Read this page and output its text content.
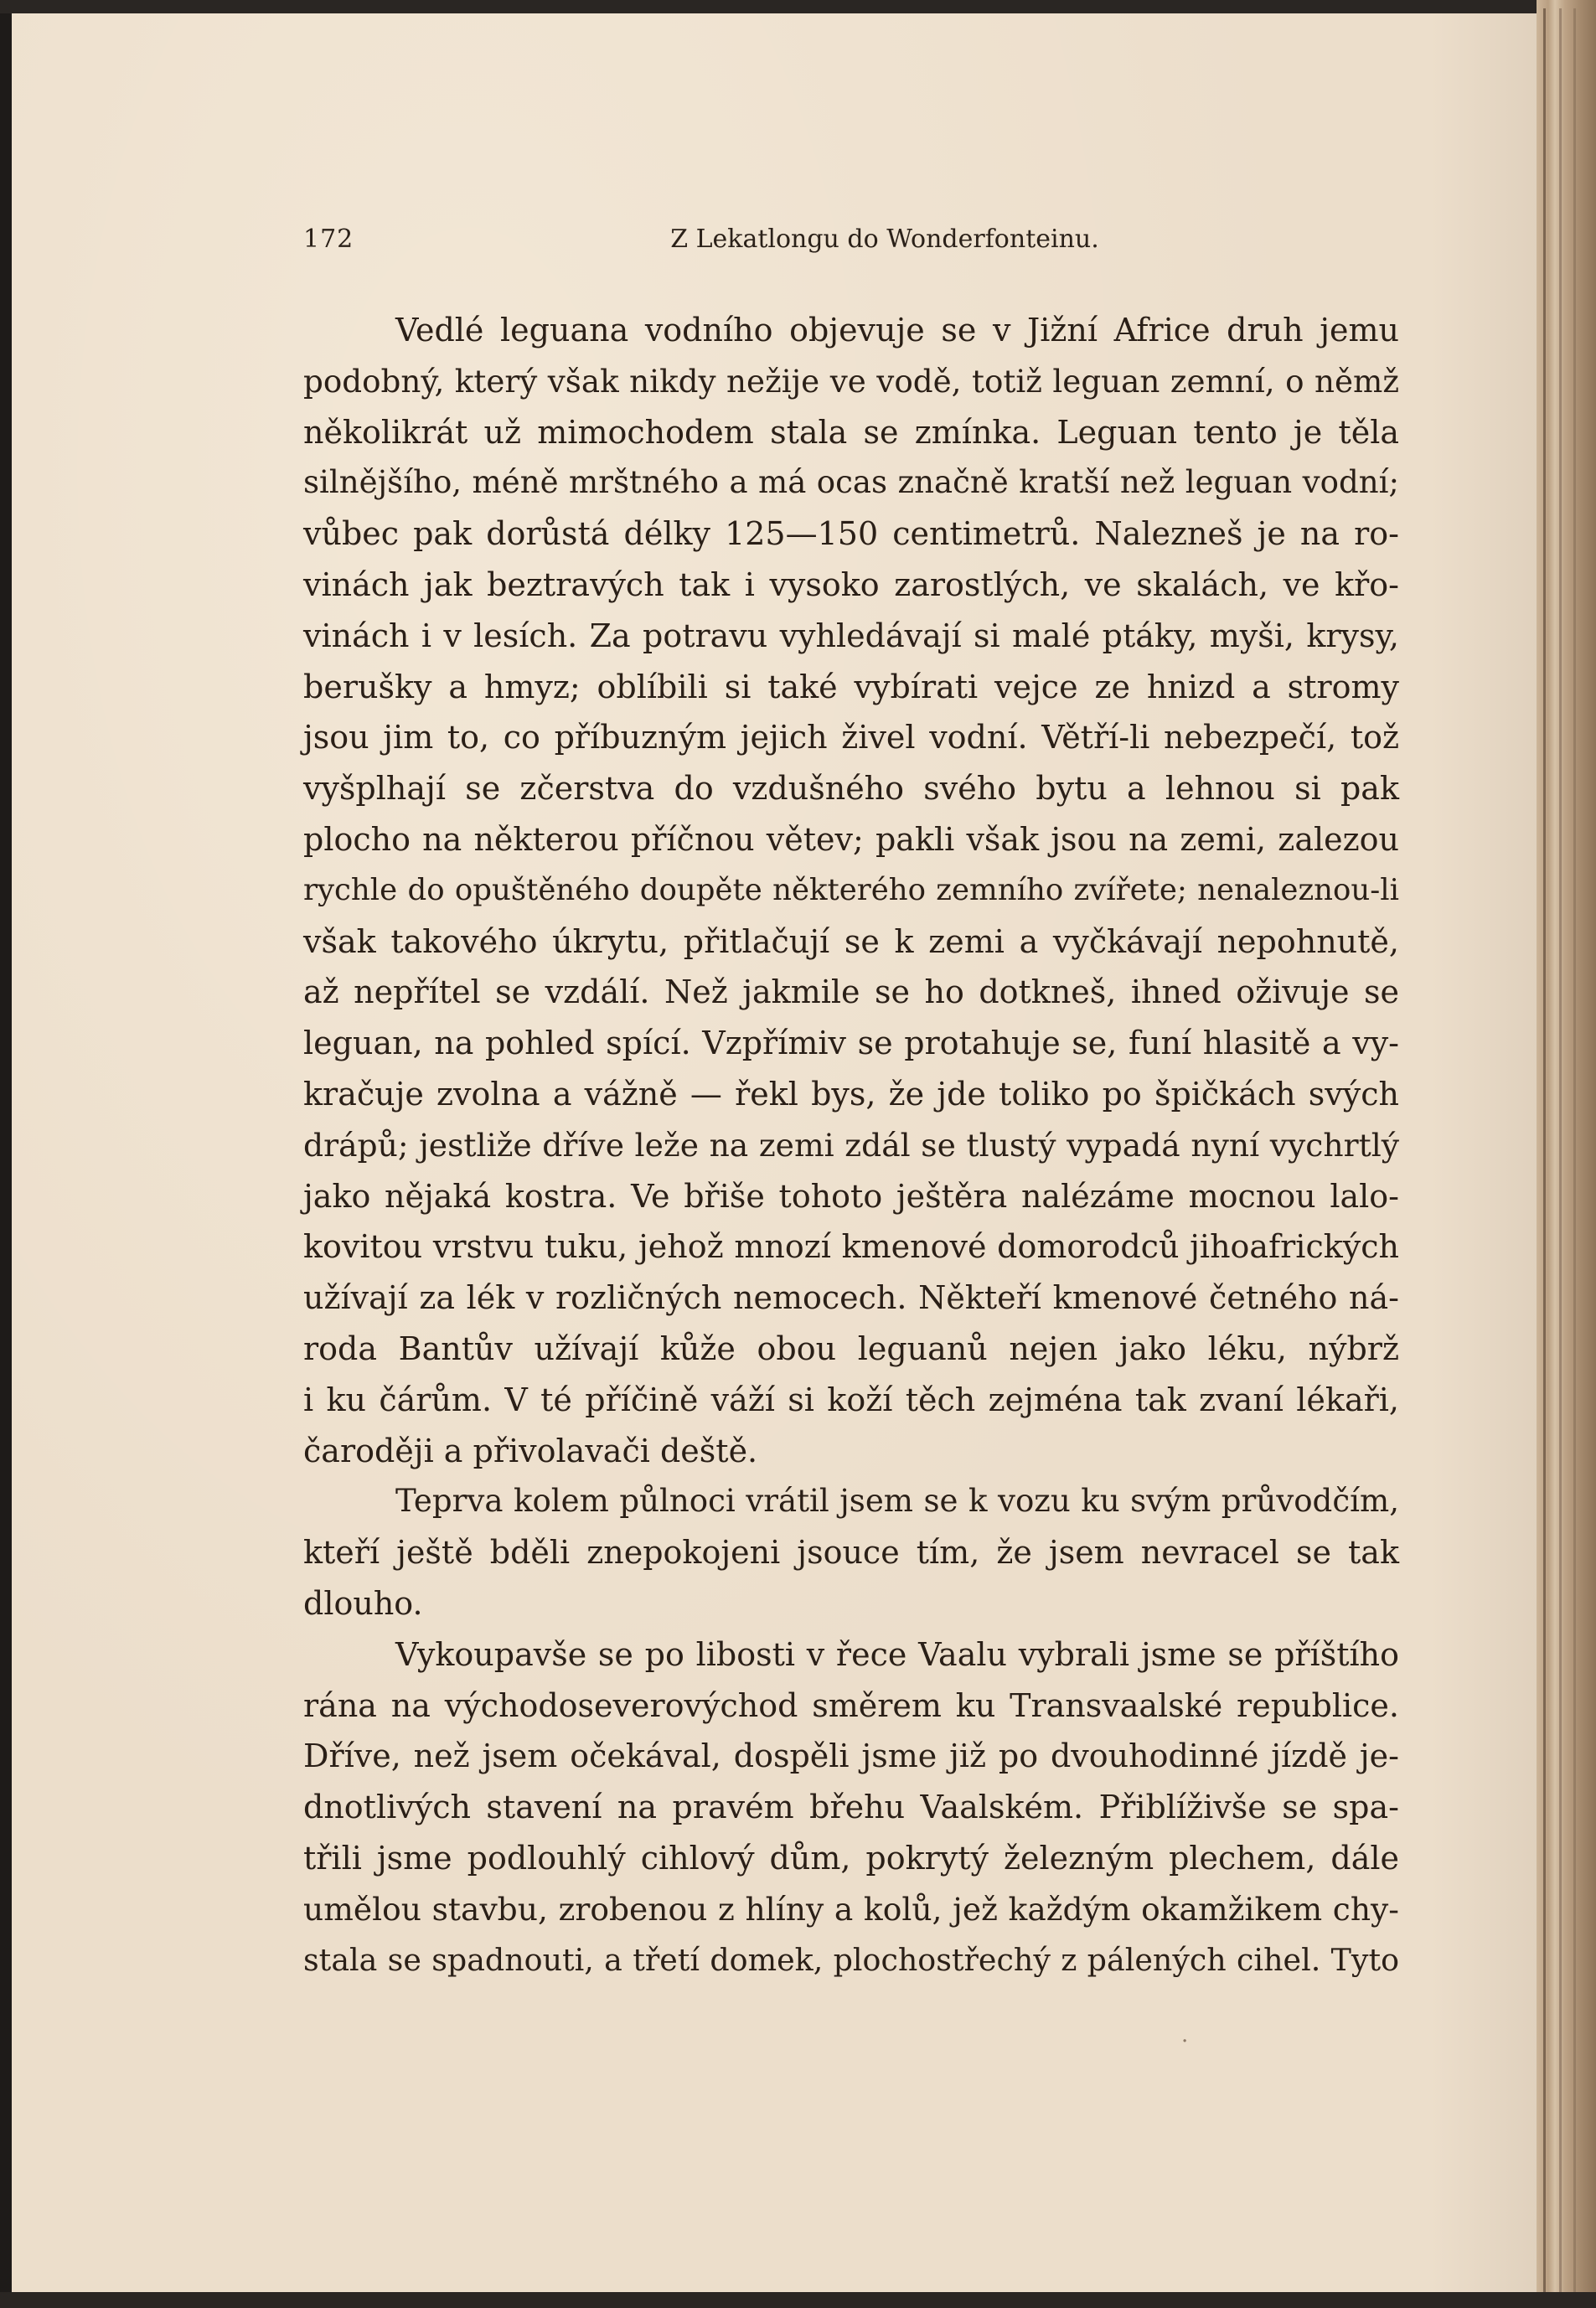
172	Z Lekatlongu do Wonderfonteinu.
Vedlé leguana vodního objevuje se v Jižní Africe druh jemu
podobný, který však nikdy nežije ve vodě, totiž leguan zemní, o němž
několikrát už mimochodem stala se zmínka. Leguan tento je těla
silnějšího, méně mrštného a má ocas značně kratší než leguan vodní;
vůbec pak dorůstá délky 125—150 centimetrů. Nalezneš je na ro-
vinách jak beztravých tak i vysoko zarostlých, ve skalách, ve křo-
vinách i v lesích. Za potravu vyhledávají si malé ptáky, myši, krysy,
berušky a hmyz; oblíbili si také vybírati vejce ze hnizd a stromy
jsou jim to, co příbuzným jejich živel vodní. Větří-li nebezpečí, tož
vyšplhají se zčerstva do vzdušného svého bytu a lehnou si pak
plocho na některou příčnou větev; pakli však jsou na zemi, zalezou
rychle do opuštěného doupěte některého zemního zvířete; nenaleznou-li
však takového úkrytu, přitlačují se k zemi a vyčkávají nepohnutě,
až nepřítel se vzdálí. Než jakmile se ho dotkneš, ihned oživuje se
leguan, na pohled spící. Vzpřímiv se protahuje se, funí hlasitě a vy-
kračuje zvolna a vážně — řekl bys, že jde toliko po špičkách svých
drápů; jestliže dříve leže na zemi zdál se tlustý vypadá nyní vychrtlý
jako nějaká kostra. Ve břiše tohoto ještěra nalézáme mocnou lalo-
kovitou vrstvu tuku, jehož mnozí kmenové domorodců jihoafrických
užívají za lék v rozličných nemocech. Někteří kmenové četného ná-
roda Bantův užívají kůže obou leguanů nejen jako léku, nýbrž
i ku čárům. V té příčině váží si koží těch zejména tak zvaní lékaři,
čaroději a přivolavači deště.
Teprva kolem půlnoci vrátil jsem se k vozu ku svým průvodčím,
kteří ještě bděli znepokojeni jsouce tím, že jsem nevracel se tak
dlouho.
Vykoupavše se po libosti v řece Vaalu vybrali jsme se příštího
rána na východoseverovýchod směrem ku Transvaalské republice.
Dříve, než jsem očekával, dospěli jsme již po dvouhodinné jízdě je-
dnotlivých stavení na pravém břehu Vaalském. Přiblíživše se spa-
třili jsme podlouhlý cihlový dům, pokrytý železným plechem, dále
umělou stavbu, zrobenou z hlíny a kolů, jež každým okamžikem chy-
stala se spadnouti, a třetí domek, plochostřechý z pálených cihel. Tyto
·
